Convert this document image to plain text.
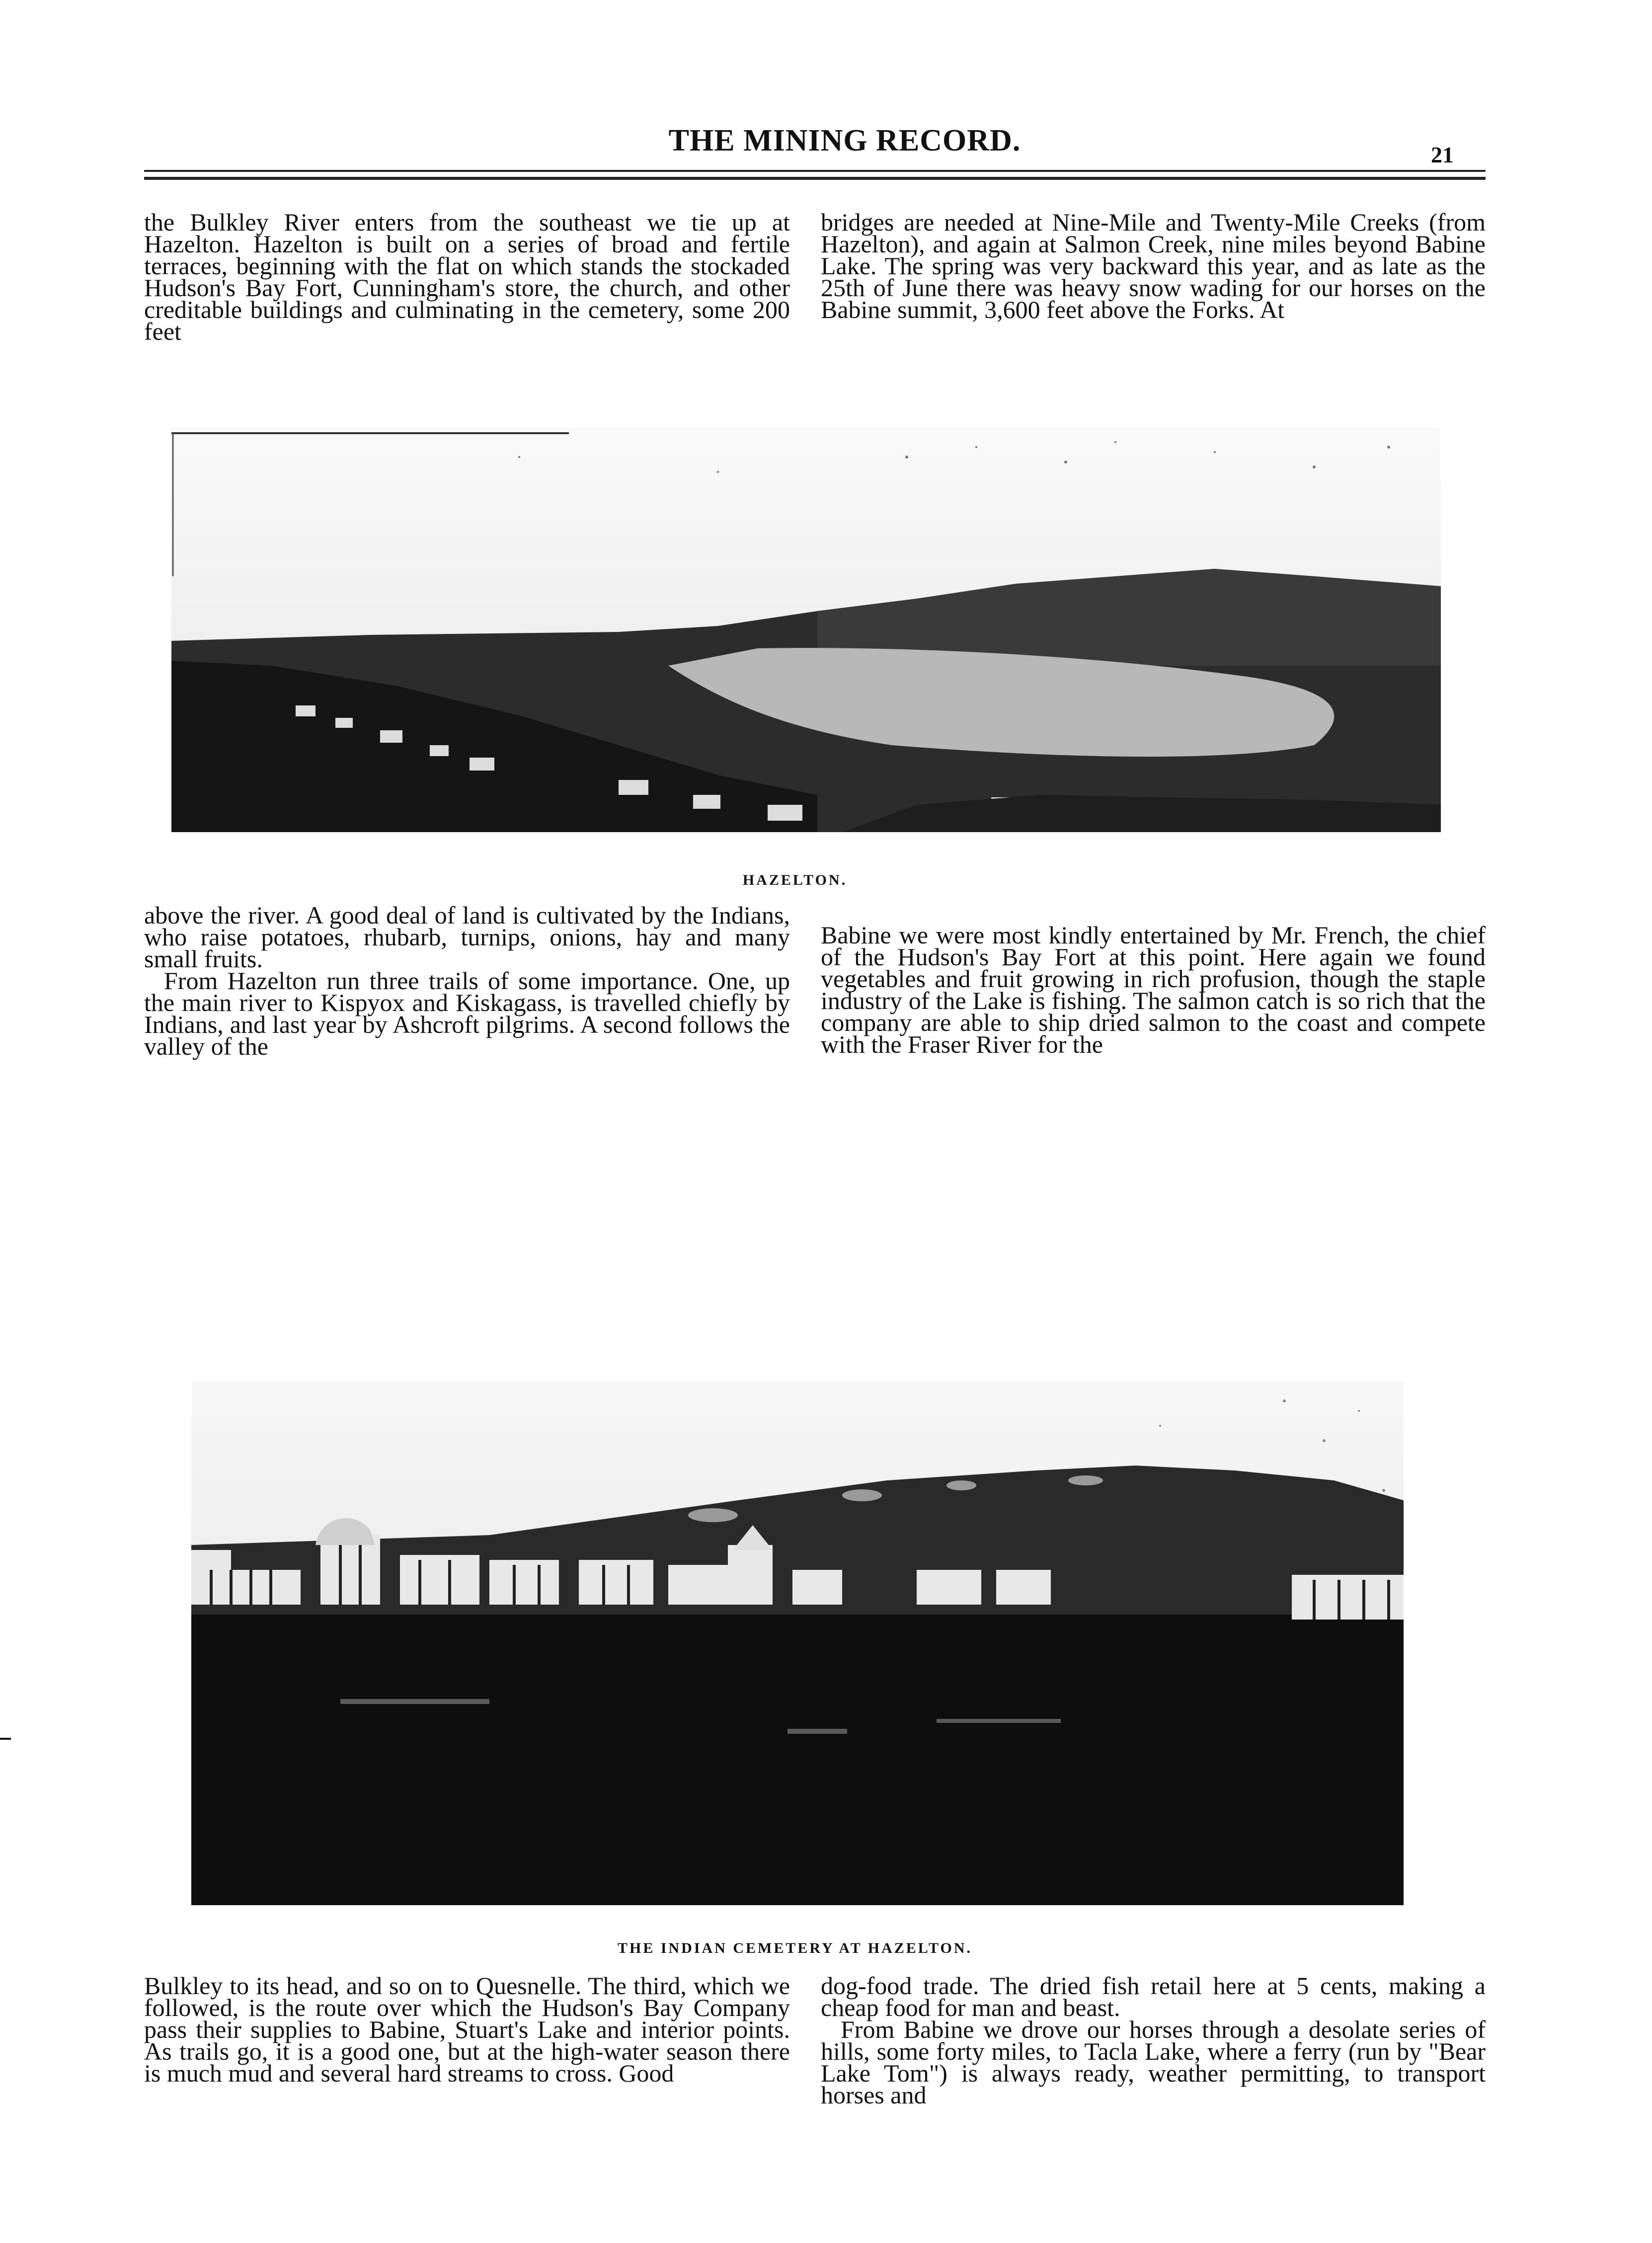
THE MINING RECORD.	21

the Bulkley River enters from the southeast we tie up at Hazelton. Hazelton is built on a series of broad and fertile terraces, beginning with the flat on which stands the stockaded Hudson's Bay Fort, Cunningham's store, the church, and other creditable buildings and culminating in the cemetery, some 200 feet

bridges are needed at Nine-Mile and Twenty-Mile Creeks (from Hazelton), and again at Salmon Creek, nine miles beyond Babine Lake. The spring was very backward this year, and as late as the 25th of June there was heavy snow wading for our horses on the Babine summit, 3,600 feet above the Forks. At

HAZELTON.

above the river. A good deal of land is cultivated by the Indians, who raise potatoes, rhubarb, turnips, onions, hay and many small fruits.

From Hazelton run three trails of some importance. One, up the main river to Kispyox and Kiskagass, is travelled chiefly by Indians, and last year by Ashcroft pilgrims. A second follows the valley of the

Babine we were most kindly entertained by Mr. French, the chief of the Hudson's Bay Fort at this point. Here again we found vegetables and fruit growing in rich profusion, though the staple industry of the Lake is fishing. The salmon catch is so rich that the company are able to ship dried salmon to the coast and compete with the Fraser River for the

THE INDIAN CEMETERY AT HAZELTON.

Bulkley to its head, and so on to Quesnelle. The third, which we followed, is the route over which the Hudson's Bay Company pass their supplies to Babine, Stuart's Lake and interior points. As trails go, it is a good one, but at the high-water season there is much mud and several hard streams to cross. Good

dog-food trade. The dried fish retail here at 5 cents, making a cheap food for man and beast.

From Babine we drove our horses through a desolate series of hills, some forty miles, to Tacla Lake, where a ferry (run by "Bear Lake Tom") is always ready, weather permitting, to transport horses and
